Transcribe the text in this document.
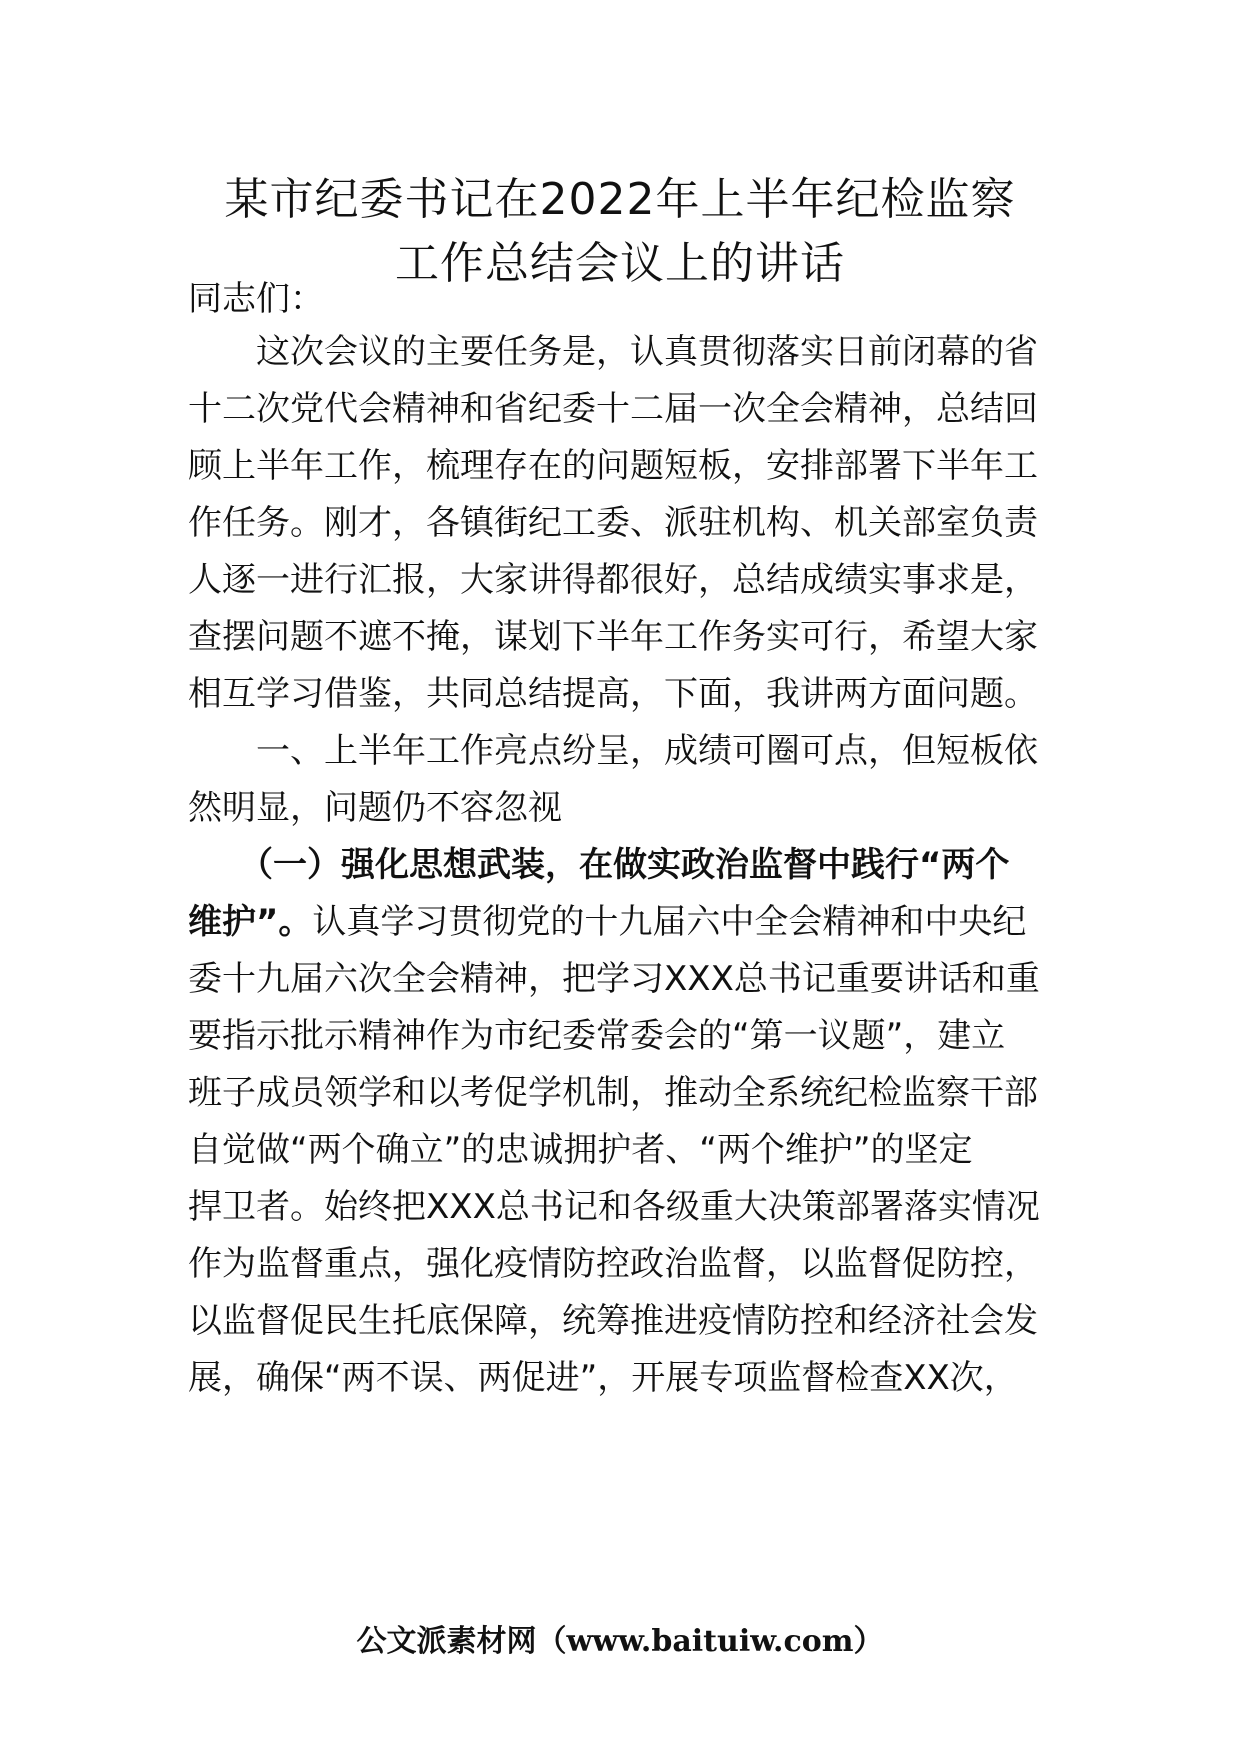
某市纪委书记在2022年上半年纪检监察
工作总结会议上的讲话
同志们：
　　这次会议的主要任务是，认真贯彻落实日前闭幕的省
十二次党代会精神和省纪委十二届一次全会精神，总结回
顾上半年工作，梳理存在的问题短板，安排部署下半年工
作任务。刚才，各镇街纪工委、派驻机构、机关部室负责
人逐一进行汇报，大家讲得都很好，总结成绩实事求是，
查摆问题不遮不掩，谋划下半年工作务实可行，希望大家
相互学习借鉴，共同总结提高，下面，我讲两方面问题。
　　一、上半年工作亮点纷呈，成绩可圈可点，但短板依
然明显，问题仍不容忽视
　　（一）强化思想武装，在做实政治监督中践行“两个
维护”。认真学习贯彻党的十九届六中全会精神和中央纪
委十九届六次全会精神，把学习XXX总书记重要讲话和重
要指示批示精神作为市纪委常委会的“第一议题”，建立
班子成员领学和以考促学机制，推动全系统纪检监察干部
自觉做“两个确立”的忠诚拥护者、“两个维护”的坚定
捍卫者。始终把XXX总书记和各级重大决策部署落实情况
作为监督重点，强化疫情防控政治监督，以监督促防控，
以监督促民生托底保障，统筹推进疫情防控和经济社会发
展，确保“两不误、两促进”，开展专项监督检查XX次，
公文派素材网（www.baituiw.com）
